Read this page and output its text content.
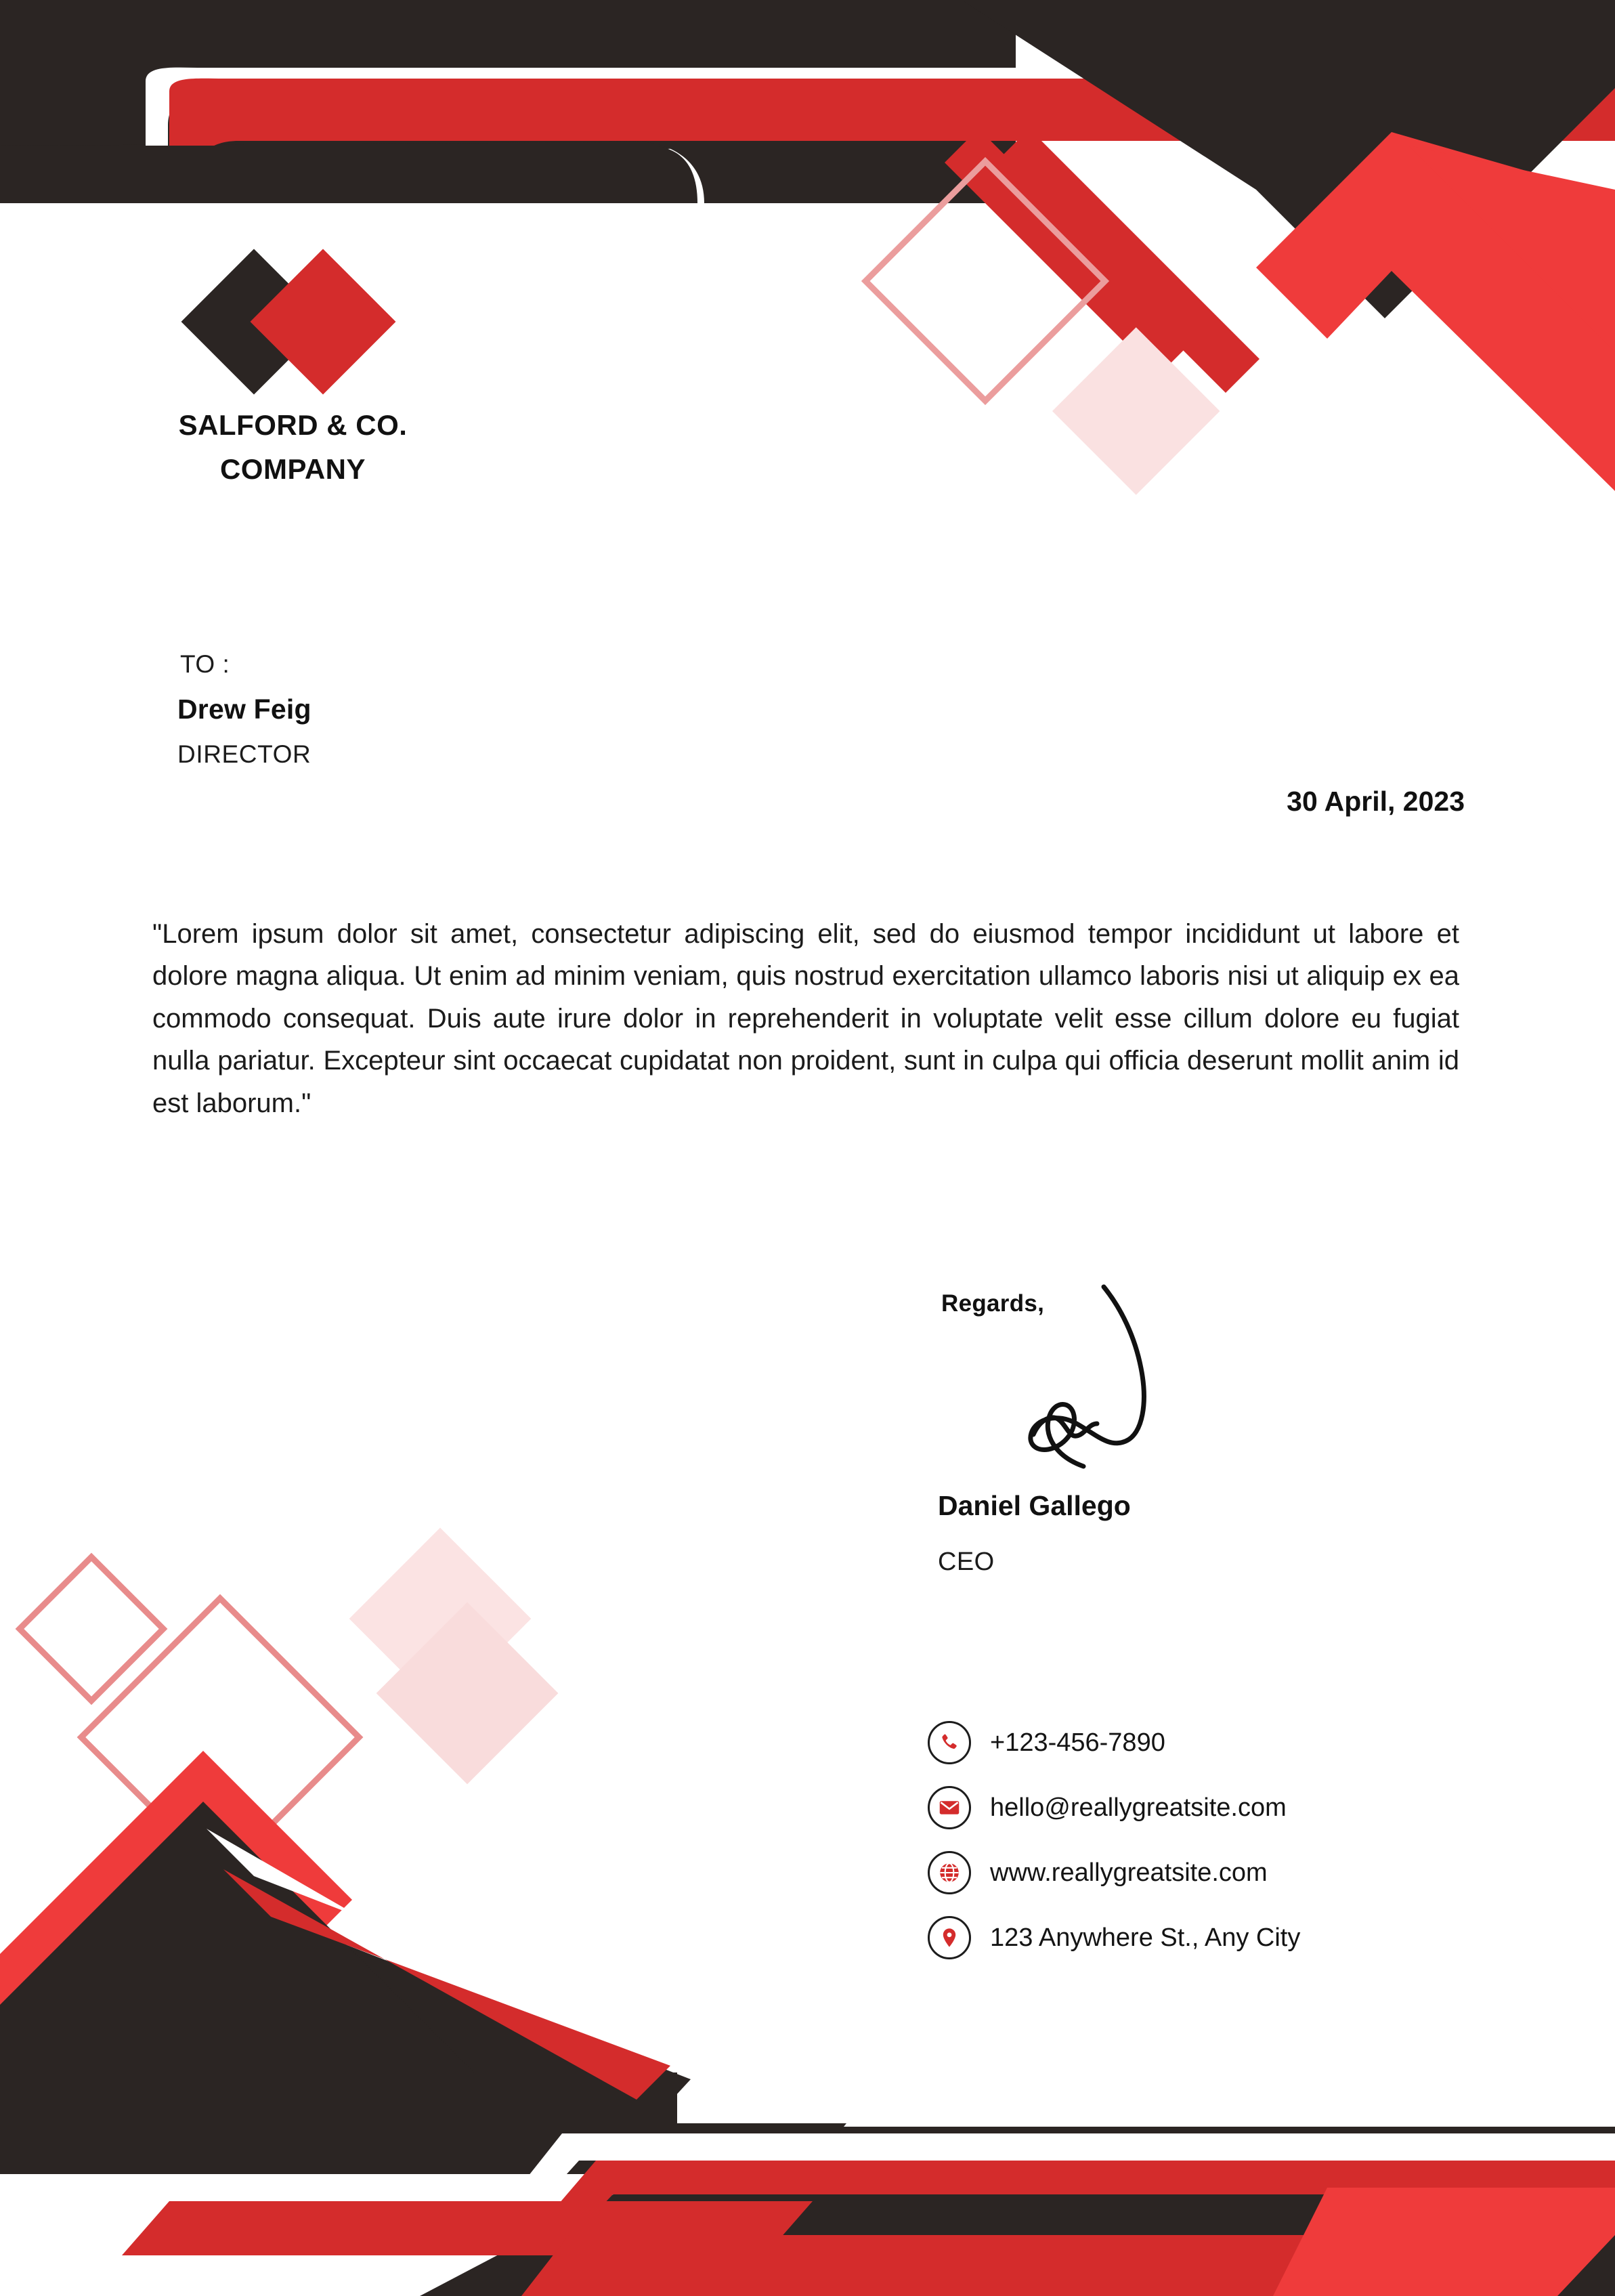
SALFORD & CO.
COMPANY
TO :
Drew Feig
DIRECTOR
30 April, 2023
"Lorem ipsum dolor sit amet, consectetur adipiscing elit, sed do eiusmod tempor incididunt ut labore et dolore magna aliqua. Ut enim ad minim veniam, quis nostrud exercitation ullamco laboris nisi ut aliquip ex ea commodo consequat. Duis aute irure dolor in reprehenderit in voluptate velit esse cillum dolore eu fugiat nulla pariatur. Excepteur sint occaecat cupidatat non proident, sunt in culpa qui officia deserunt mollit anim id est laborum."
Regards,
Daniel Gallego
CEO
+123-456-7890
hello@reallygreatsite.com
www.reallygreatsite.com
123 Anywhere St., Any City
